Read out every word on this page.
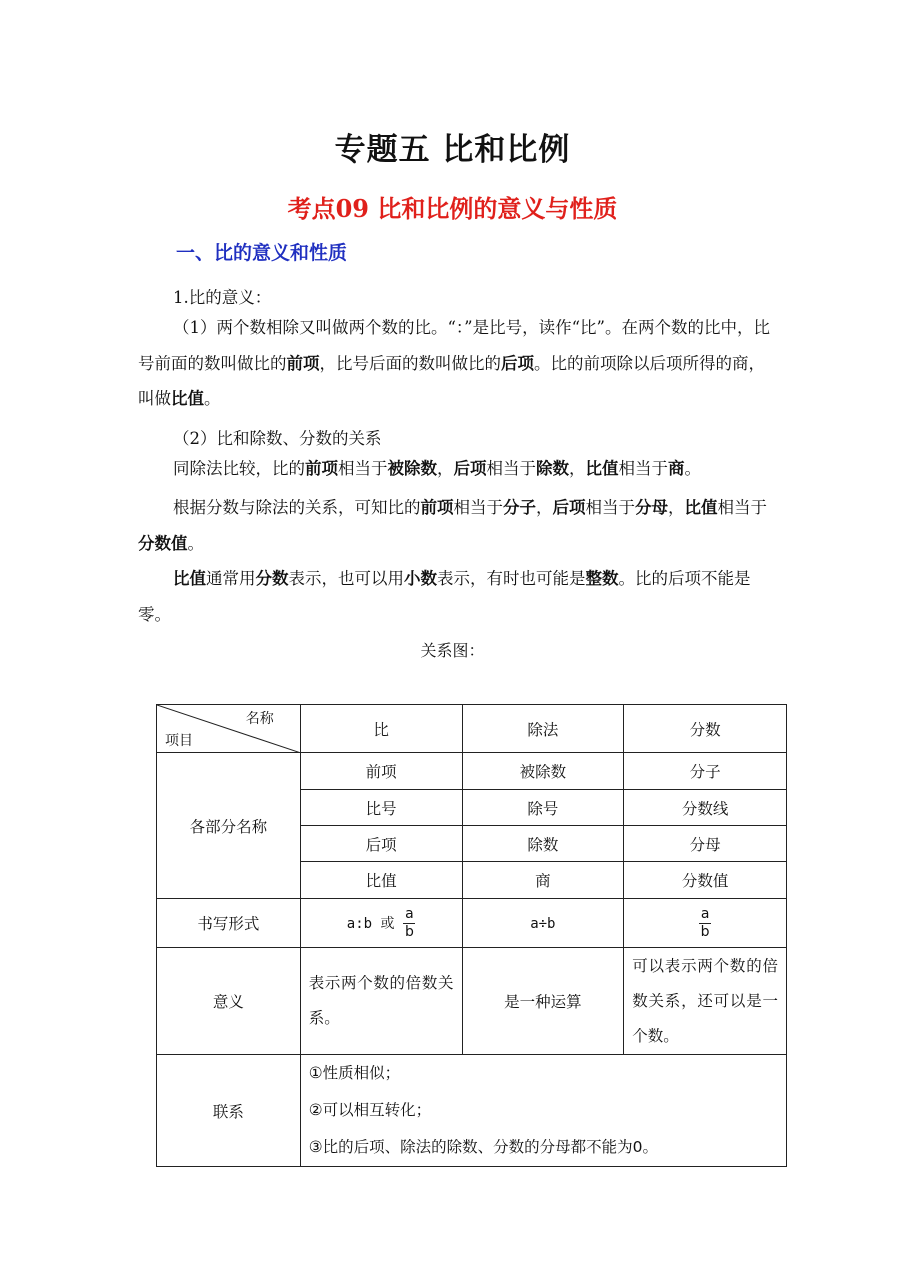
专题五 比和比例
考点09 比和比例的意义与性质
一、比的意义和性质

1.比的意义：

（1）两个数相除又叫做两个数的比。“：”是比号，读作“比”。在两个数的比中，比号前面的数叫做比的前项，比号后面的数叫做比的后项。比的前项除以后项所得的商，叫做比值。

（2）比和除数、分数的关系

同除法比较，比的前项相当于被除数，后项相当于除数，比值相当于商。

根据分数与除法的关系，可知比的前项相当于分子，后项相当于分母，比值相当于分数值。

比值通常用分数表示，也可以用小数表示，有时也可能是整数。比的后项不能是零。

关系图：
名称
项目	比	除法	分数
各部分名称	前项	被除数	分子
	比号	除号	分数线
	后项	除数	分母
	比值	商	分数值
书写形式	a:b 或 $\frac{a}{b}$	a÷b	$\frac{a}{b}$

意义	表示两个数的倍数关系。	是一种运算	可以表示两个数的倍数关系，还可以是一个数。
联系	①性质相似；
②可以相互转化；
③比的后项、除法的除数、分数的分母都不能为0。		
